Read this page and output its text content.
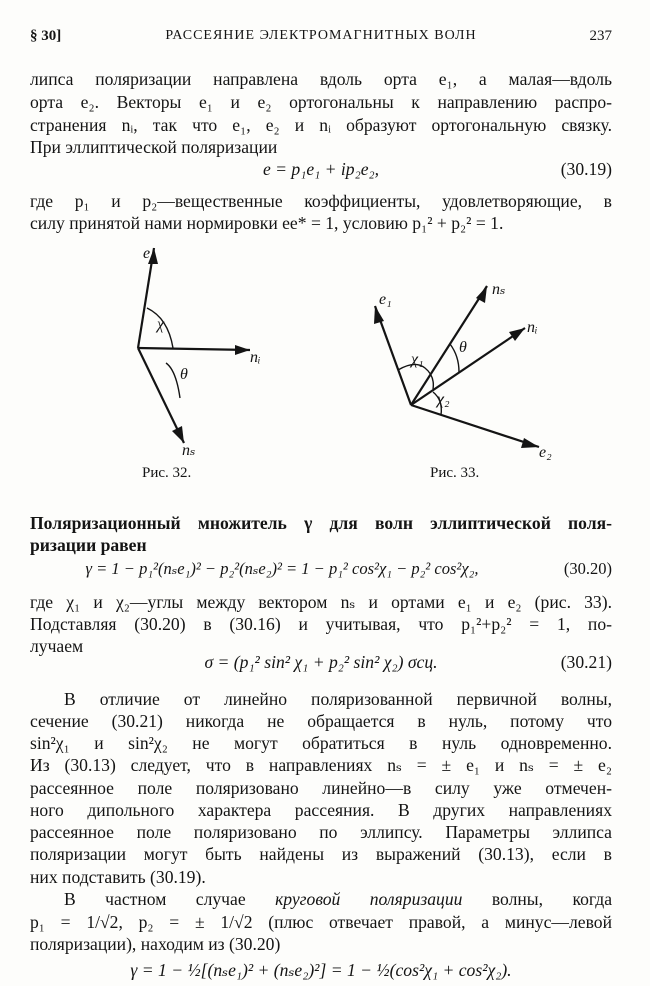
§ 30]	РАССЕЯНИЕ ЭЛЕКТРОМАГНИТНЫХ ВОЛН	237
липса поляризации направлена вдоль орта e₁, а малая—вдоль
орта e₂. Векторы e₁ и e₂ ортогональны к направлению распро-
странения nᵢ, так что e₁, e₂ и nᵢ образуют ортогональную связку.
При эллиптической поляризации
e = p₁e₁ + ip₂e₂,	(30.19)
где p₁ и p₂—вещественные коэффициенты, удовлетворяющие, в
силу принятой нами нормировки ee* = 1, условию p₁² + p₂² = 1.
e
χ
θ
nᵢ
nₛ
Рис. 32.
e₁
nₛ
nᵢ
χ₁
θ
χ₂
e₂
Рис. 33.
Поляризационный множитель γ для волн эллиптической поля-
ризации равен
γ = 1 − p₁²(nₛe₁)² − p₂²(nₛe₂)² = 1 − p₁² cos²χ₁ − p₂² cos²χ₂,	(30.20)
где χ₁ и χ₂—углы между вектором nₛ и ортами e₁ и e₂ (рис. 33).
Подставляя (30.20) в (30.16) и учитывая, что p₁²+p₂² = 1, по-
лучаем
σ = (p₁² sin² χ₁ + p₂² sin² χ₂) σсц.	(30.21)
В отличие от линейно поляризованной первичной волны,
сечение (30.21) никогда не обращается в нуль, потому что
sin²χ₁ и sin²χ₂ не могут обратиться в нуль одновременно.
Из (30.13) следует, что в направлениях nₛ = ± e₁ и nₛ = ± e₂
рассеянное поле поляризовано линейно—в силу уже отмечен-
ного дипольного характера рассеяния. В других направлениях
рассеянное поле поляризовано по эллипсу. Параметры эллипса
поляризации могут быть найдены из выражений (30.13), если в
них подставить (30.19).
В частном случае круговой поляризации волны, когда
p₁ = 1/√2, p₂ = ± 1/√2 (плюс отвечает правой, а минус—левой
поляризации), находим из (30.20)
γ = 1 − ½[(nₛe₁)² + (nₛe₂)²] = 1 − ½(cos²χ₁ + cos²χ₂).
